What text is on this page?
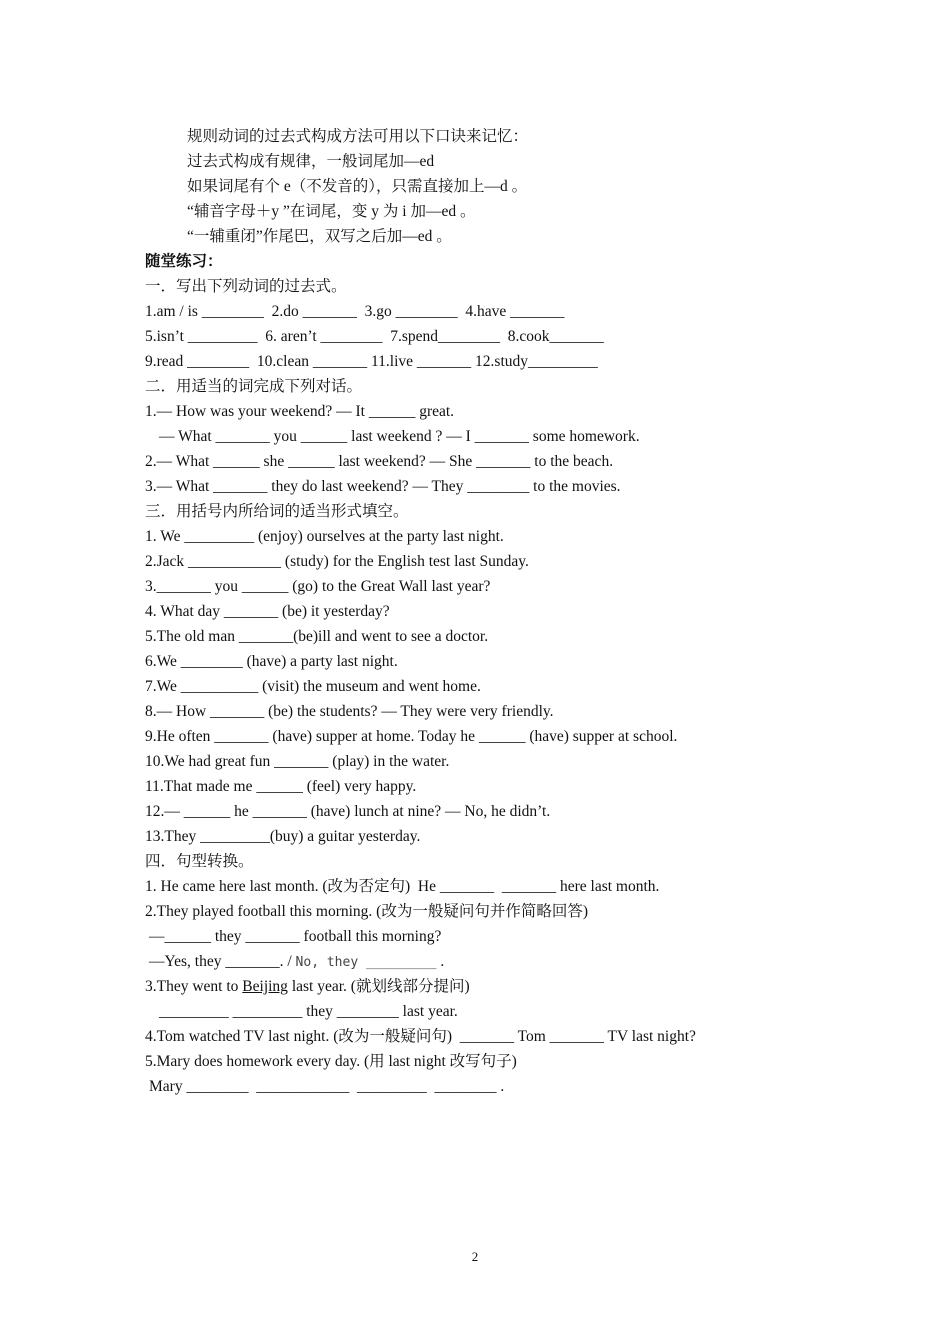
规则动词的过去式构成方法可用以下口诀来记忆：
过去式构成有规律，一般词尾加—ed
如果词尾有个 e（不发音的），只需直接加上—d 。
“辅音字母＋y ”在词尾，变 y 为 i 加—ed 。
“一辅重闭”作尾巴，双写之后加—ed 。
随堂练习：
一．写出下列动词的过去式。
1.am / is ________  2.do _______  3.go ________  4.have _______
5.isn’t _________  6. aren’t ________  7.spend________  8.cook_______
9.read ________  10.clean _______ 11.live _______ 12.study_________
二．用适当的词完成下列对话。
1.— How was your weekend? — It ______ great.
— What _______ you ______ last weekend ? — I _______ some homework.
2.— What ______ she ______ last weekend? — She _______ to the beach.
3.— What _______ they do last weekend? — They ________ to the movies.
三．用括号内所给词的适当形式填空。
1. We _________ (enjoy) ourselves at the party last night.
2.Jack ____________ (study) for the English test last Sunday.
3._______ you ______ (go) to the Great Wall last year?
4. What day _______ (be) it yesterday?
5.The old man _______(be)ill and went to see a doctor.
6.We ________ (have) a party last night.
7.We __________ (visit) the museum and went home.
8.— How _______ (be) the students? — They were very friendly.
9.He often _______ (have) supper at home. Today he ______ (have) supper at school.
10.We had great fun _______ (play) in the water.
11.That made me ______ (feel) very happy.
12.— ______ he _______ (have) lunch at nine? — No, he didn’t.
13.They _________(buy) a guitar yesterday.
四．句型转换。
1. He came here last month. (改为否定句)  He _______  _______ here last month.
2.They played football this morning. (改为一般疑问句并作简略回答)
—______ they _______ football this morning?
—Yes, they _______. / No, they _________ .
3.They went to Beijing last year. (就划线部分提问)
_________ _________ they ________ last year.
4.Tom watched TV last night. (改为一般疑问句)  _______ Tom _______ TV last night?
5.Mary does homework every day. (用 last night 改写句子)
Mary ________  ____________  _________  ________ .
2
